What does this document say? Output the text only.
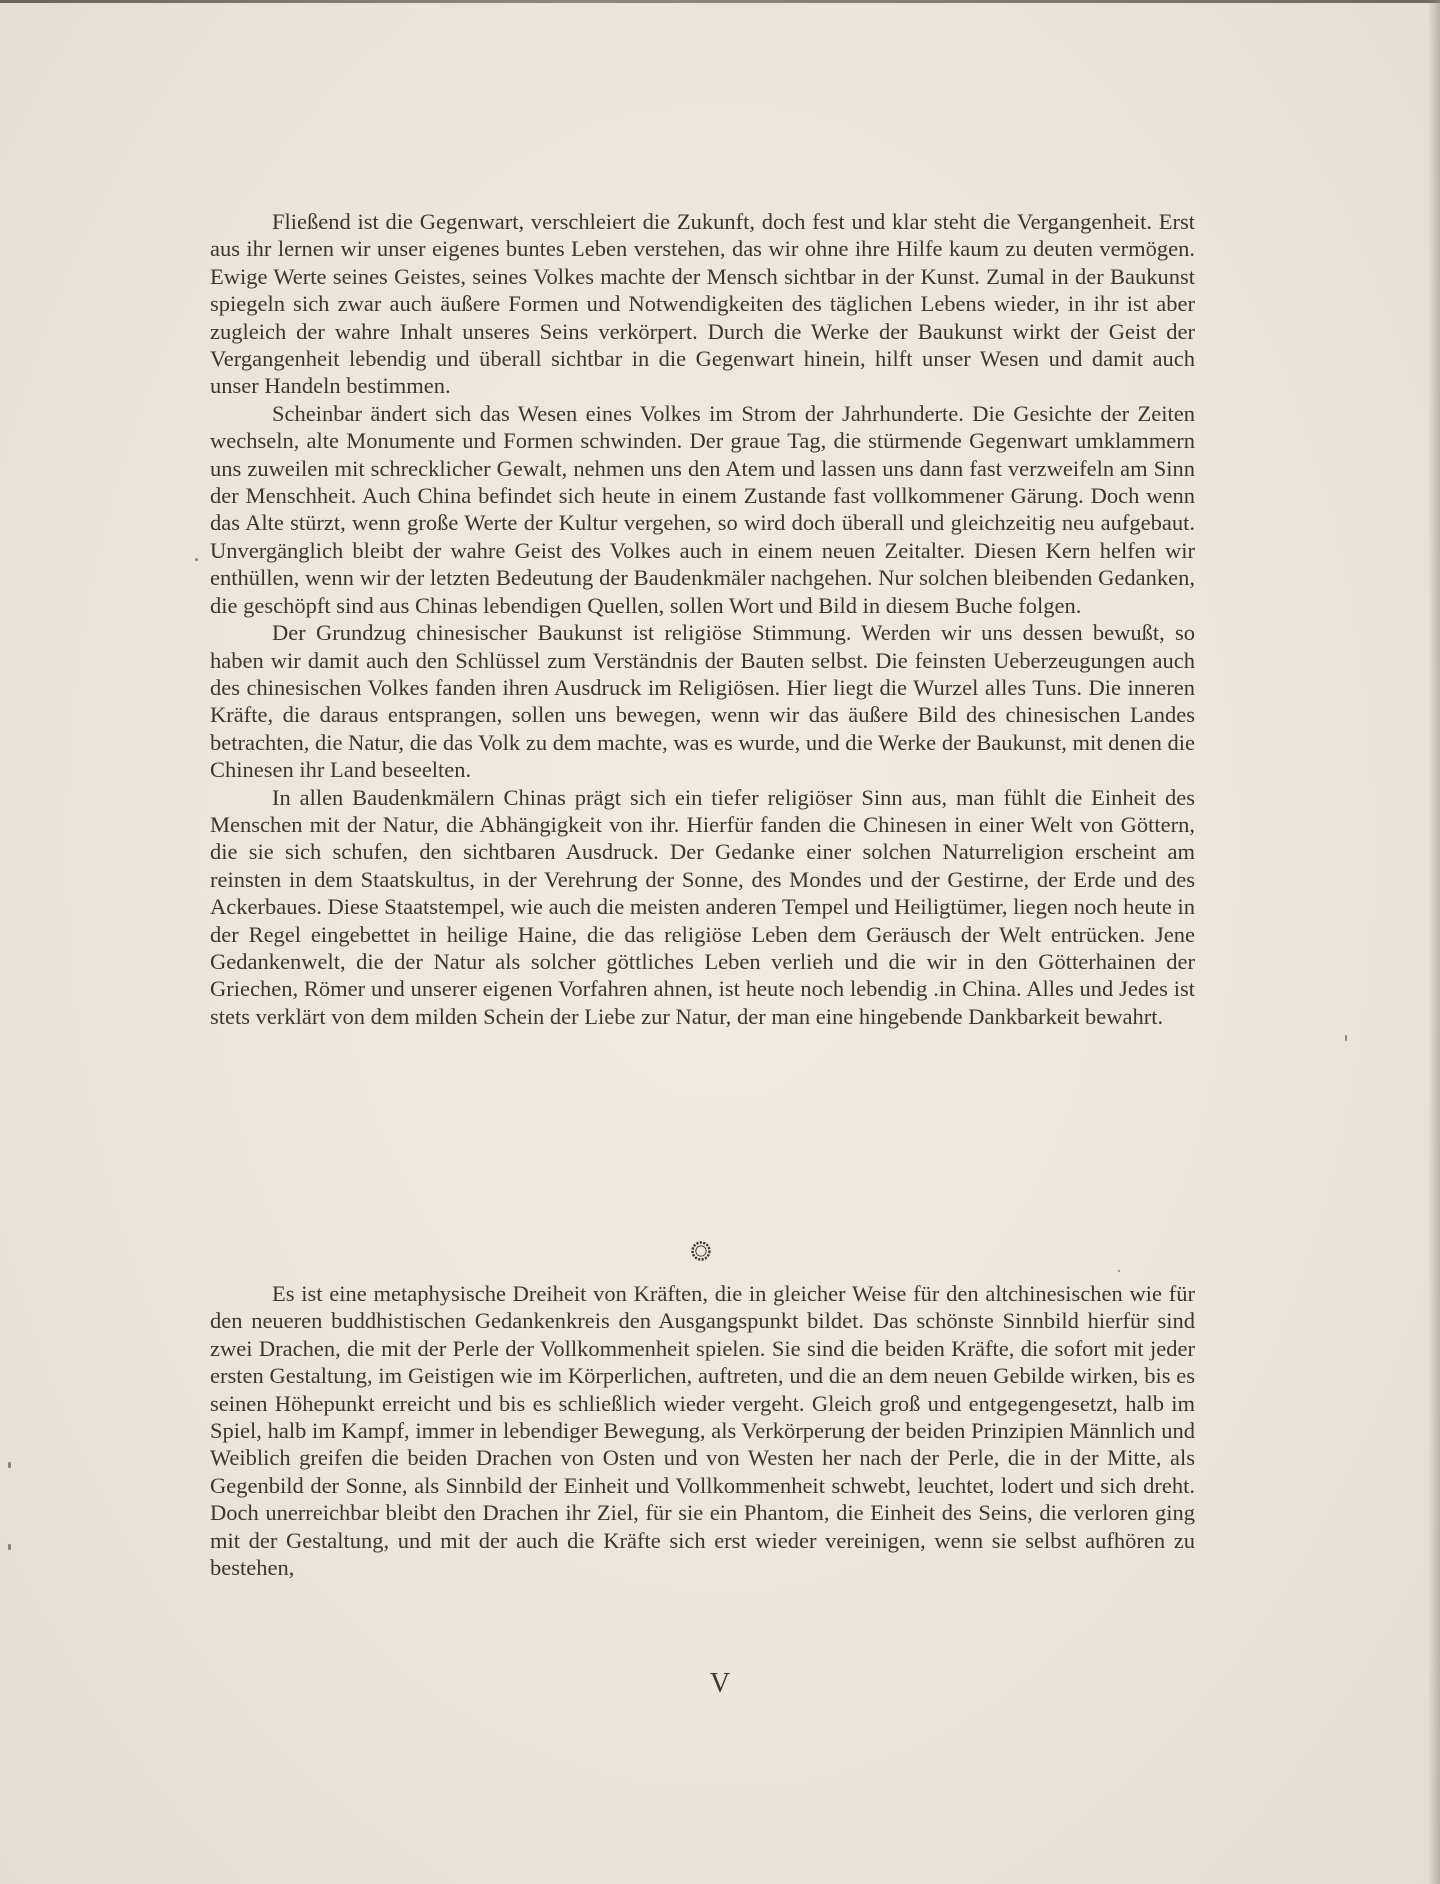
Fließend ist die Gegenwart, verschleiert die Zukunft, doch fest und klar steht die Vergangenheit. Erst aus ihr lernen wir unser eigenes buntes Leben verstehen, das wir ohne ihre Hilfe kaum zu deuten vermögen. Ewige Werte seines Geistes, seines Volkes machte der Mensch sichtbar in der Kunst. Zumal in der Baukunst spiegeln sich zwar auch äußere Formen und Notwendigkeiten des täglichen Lebens wieder, in ihr ist aber zugleich der wahre Inhalt unseres Seins verkörpert. Durch die Werke der Baukunst wirkt der Geist der Vergangenheit lebendig und überall sichtbar in die Gegenwart hinein, hilft unser Wesen und damit auch unser Handeln bestimmen.

Scheinbar ändert sich das Wesen eines Volkes im Strom der Jahrhunderte. Die Gesichte der Zeiten wechseln, alte Monumente und Formen schwinden. Der graue Tag, die stürmende Gegenwart umklammern uns zuweilen mit schrecklicher Gewalt, nehmen uns den Atem und lassen uns dann fast verzweifeln am Sinn der Menschheit. Auch China befindet sich heute in einem Zustande fast vollkommener Gärung. Doch wenn das Alte stürzt, wenn große Werte der Kultur vergehen, so wird doch überall und gleichzeitig neu aufgebaut. Unvergänglich bleibt der wahre Geist des Volkes auch in einem neuen Zeitalter. Diesen Kern helfen wir enthüllen, wenn wir der letzten Bedeutung der Baudenkmäler nachgehen. Nur solchen bleibenden Gedanken, die geschöpft sind aus Chinas lebendigen Quellen, sollen Wort und Bild in diesem Buche folgen.

Der Grundzug chinesischer Baukunst ist religiöse Stimmung. Werden wir uns dessen bewußt, so haben wir damit auch den Schlüssel zum Verständnis der Bauten selbst. Die feinsten Ueberzeugungen auch des chinesischen Volkes fanden ihren Ausdruck im Religiösen. Hier liegt die Wurzel alles Tuns. Die inneren Kräfte, die daraus entsprangen, sollen uns bewegen, wenn wir das äußere Bild des chinesischen Landes betrachten, die Natur, die das Volk zu dem machte, was es wurde, und die Werke der Baukunst, mit denen die Chinesen ihr Land beseelten.

In allen Baudenkmälern Chinas prägt sich ein tiefer religiöser Sinn aus, man fühlt die Einheit des Menschen mit der Natur, die Abhängigkeit von ihr. Hierfür fanden die Chinesen in einer Welt von Göttern, die sie sich schufen, den sichtbaren Ausdruck. Der Gedanke einer solchen Naturreligion erscheint am reinsten in dem Staatskultus, in der Verehrung der Sonne, des Mondes und der Gestirne, der Erde und des Ackerbaues. Diese Staatstempel, wie auch die meisten anderen Tempel und Heiligtümer, liegen noch heute in der Regel eingebettet in heilige Haine, die das religiöse Leben dem Geräusch der Welt entrücken. Jene Gedankenwelt, die der Natur als solcher göttliches Leben verlieh und die wir in den Götterhainen der Griechen, Römer und unserer eigenen Vorfahren ahnen, ist heute noch lebendig .in China. Alles und Jedes ist stets verklärt von dem milden Schein der Liebe zur Natur, der man eine hingebende Dankbarkeit bewahrt.

Es ist eine metaphysische Dreiheit von Kräften, die in gleicher Weise für den altchinesischen wie für den neueren buddhistischen Gedankenkreis den Ausgangspunkt bildet. Das schönste Sinnbild hierfür sind zwei Drachen, die mit der Perle der Vollkommenheit spielen. Sie sind die beiden Kräfte, die sofort mit jeder ersten Gestaltung, im Geistigen wie im Körperlichen, auftreten, und die an dem neuen Gebilde wirken, bis es seinen Höhepunkt erreicht und bis es schließlich wieder vergeht. Gleich groß und entgegengesetzt, halb im Spiel, halb im Kampf, immer in lebendiger Bewegung, als Verkörperung der beiden Prinzipien Männlich und Weiblich greifen die beiden Drachen von Osten und von Westen her nach der Perle, die in der Mitte, als Gegenbild der Sonne, als Sinnbild der Einheit und Vollkommenheit schwebt, leuchtet, lodert und sich dreht. Doch unerreichbar bleibt den Drachen ihr Ziel, für sie ein Phantom, die Einheit des Seins, die verloren ging mit der Gestaltung, und mit der auch die Kräfte sich erst wieder vereinigen, wenn sie selbst aufhören zu bestehen,

V
